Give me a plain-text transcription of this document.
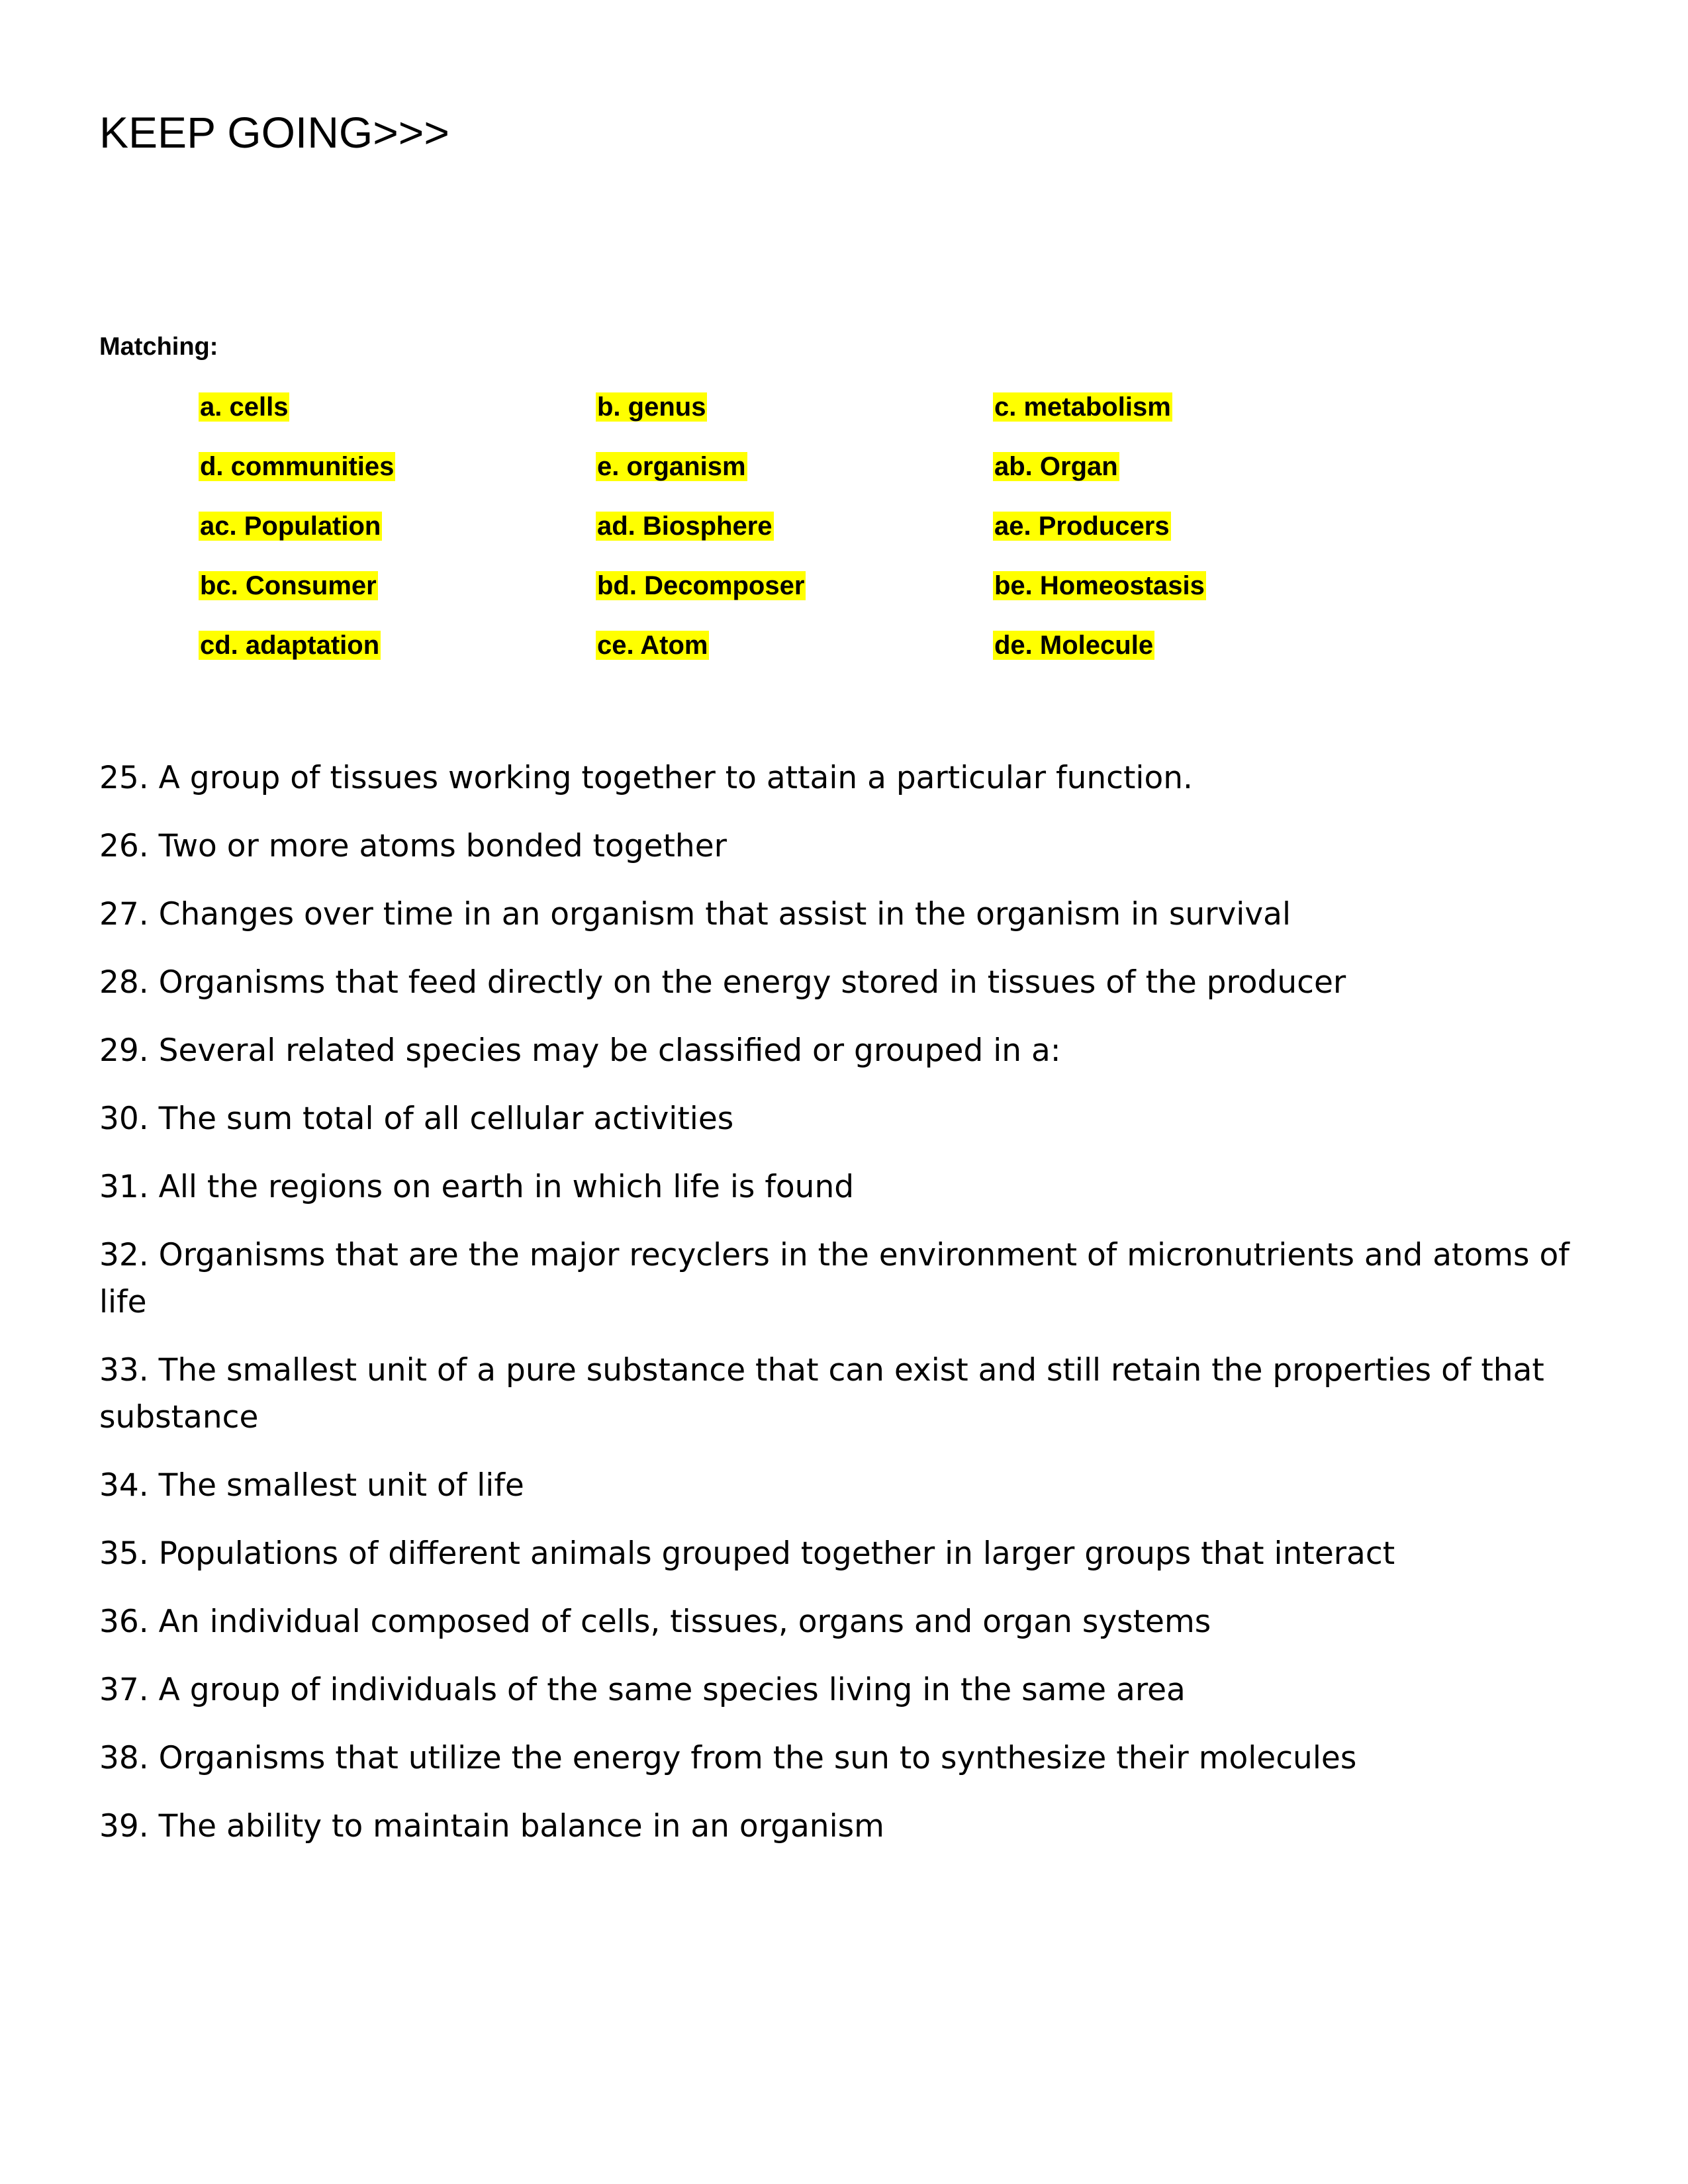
KEEP GOING>>>
Matching:
a. cells	b. genus	c. metabolism
d. communities	e. organism	ab. Organ
ac. Population	ad. Biosphere	ae. Producers
bc. Consumer	bd. Decomposer	be. Homeostasis
cd. adaptation	ce. Atom	de. Molecule

25. A group of tissues working together to attain a particular function.

26. Two or more atoms bonded together

27. Changes over time in an organism that assist in the organism in survival

28. Organisms that feed directly on the energy stored in tissues of the producer

29. Several related species may be classified or grouped in a:

30. The sum total of all cellular activities

31. All the regions on earth in which life is found

32. Organisms that are the major recyclers in the environment of micronutrients and atoms of life

33. The smallest unit of a pure substance that can exist and still retain the properties of that substance

34. The smallest unit of life

35. Populations of different animals grouped together in larger groups that interact

36. An individual composed of cells, tissues, organs and organ systems

37. A group of individuals of the same species living in the same area

38. Organisms that utilize the energy from the sun to synthesize their molecules

39. The ability to maintain balance in an organism
